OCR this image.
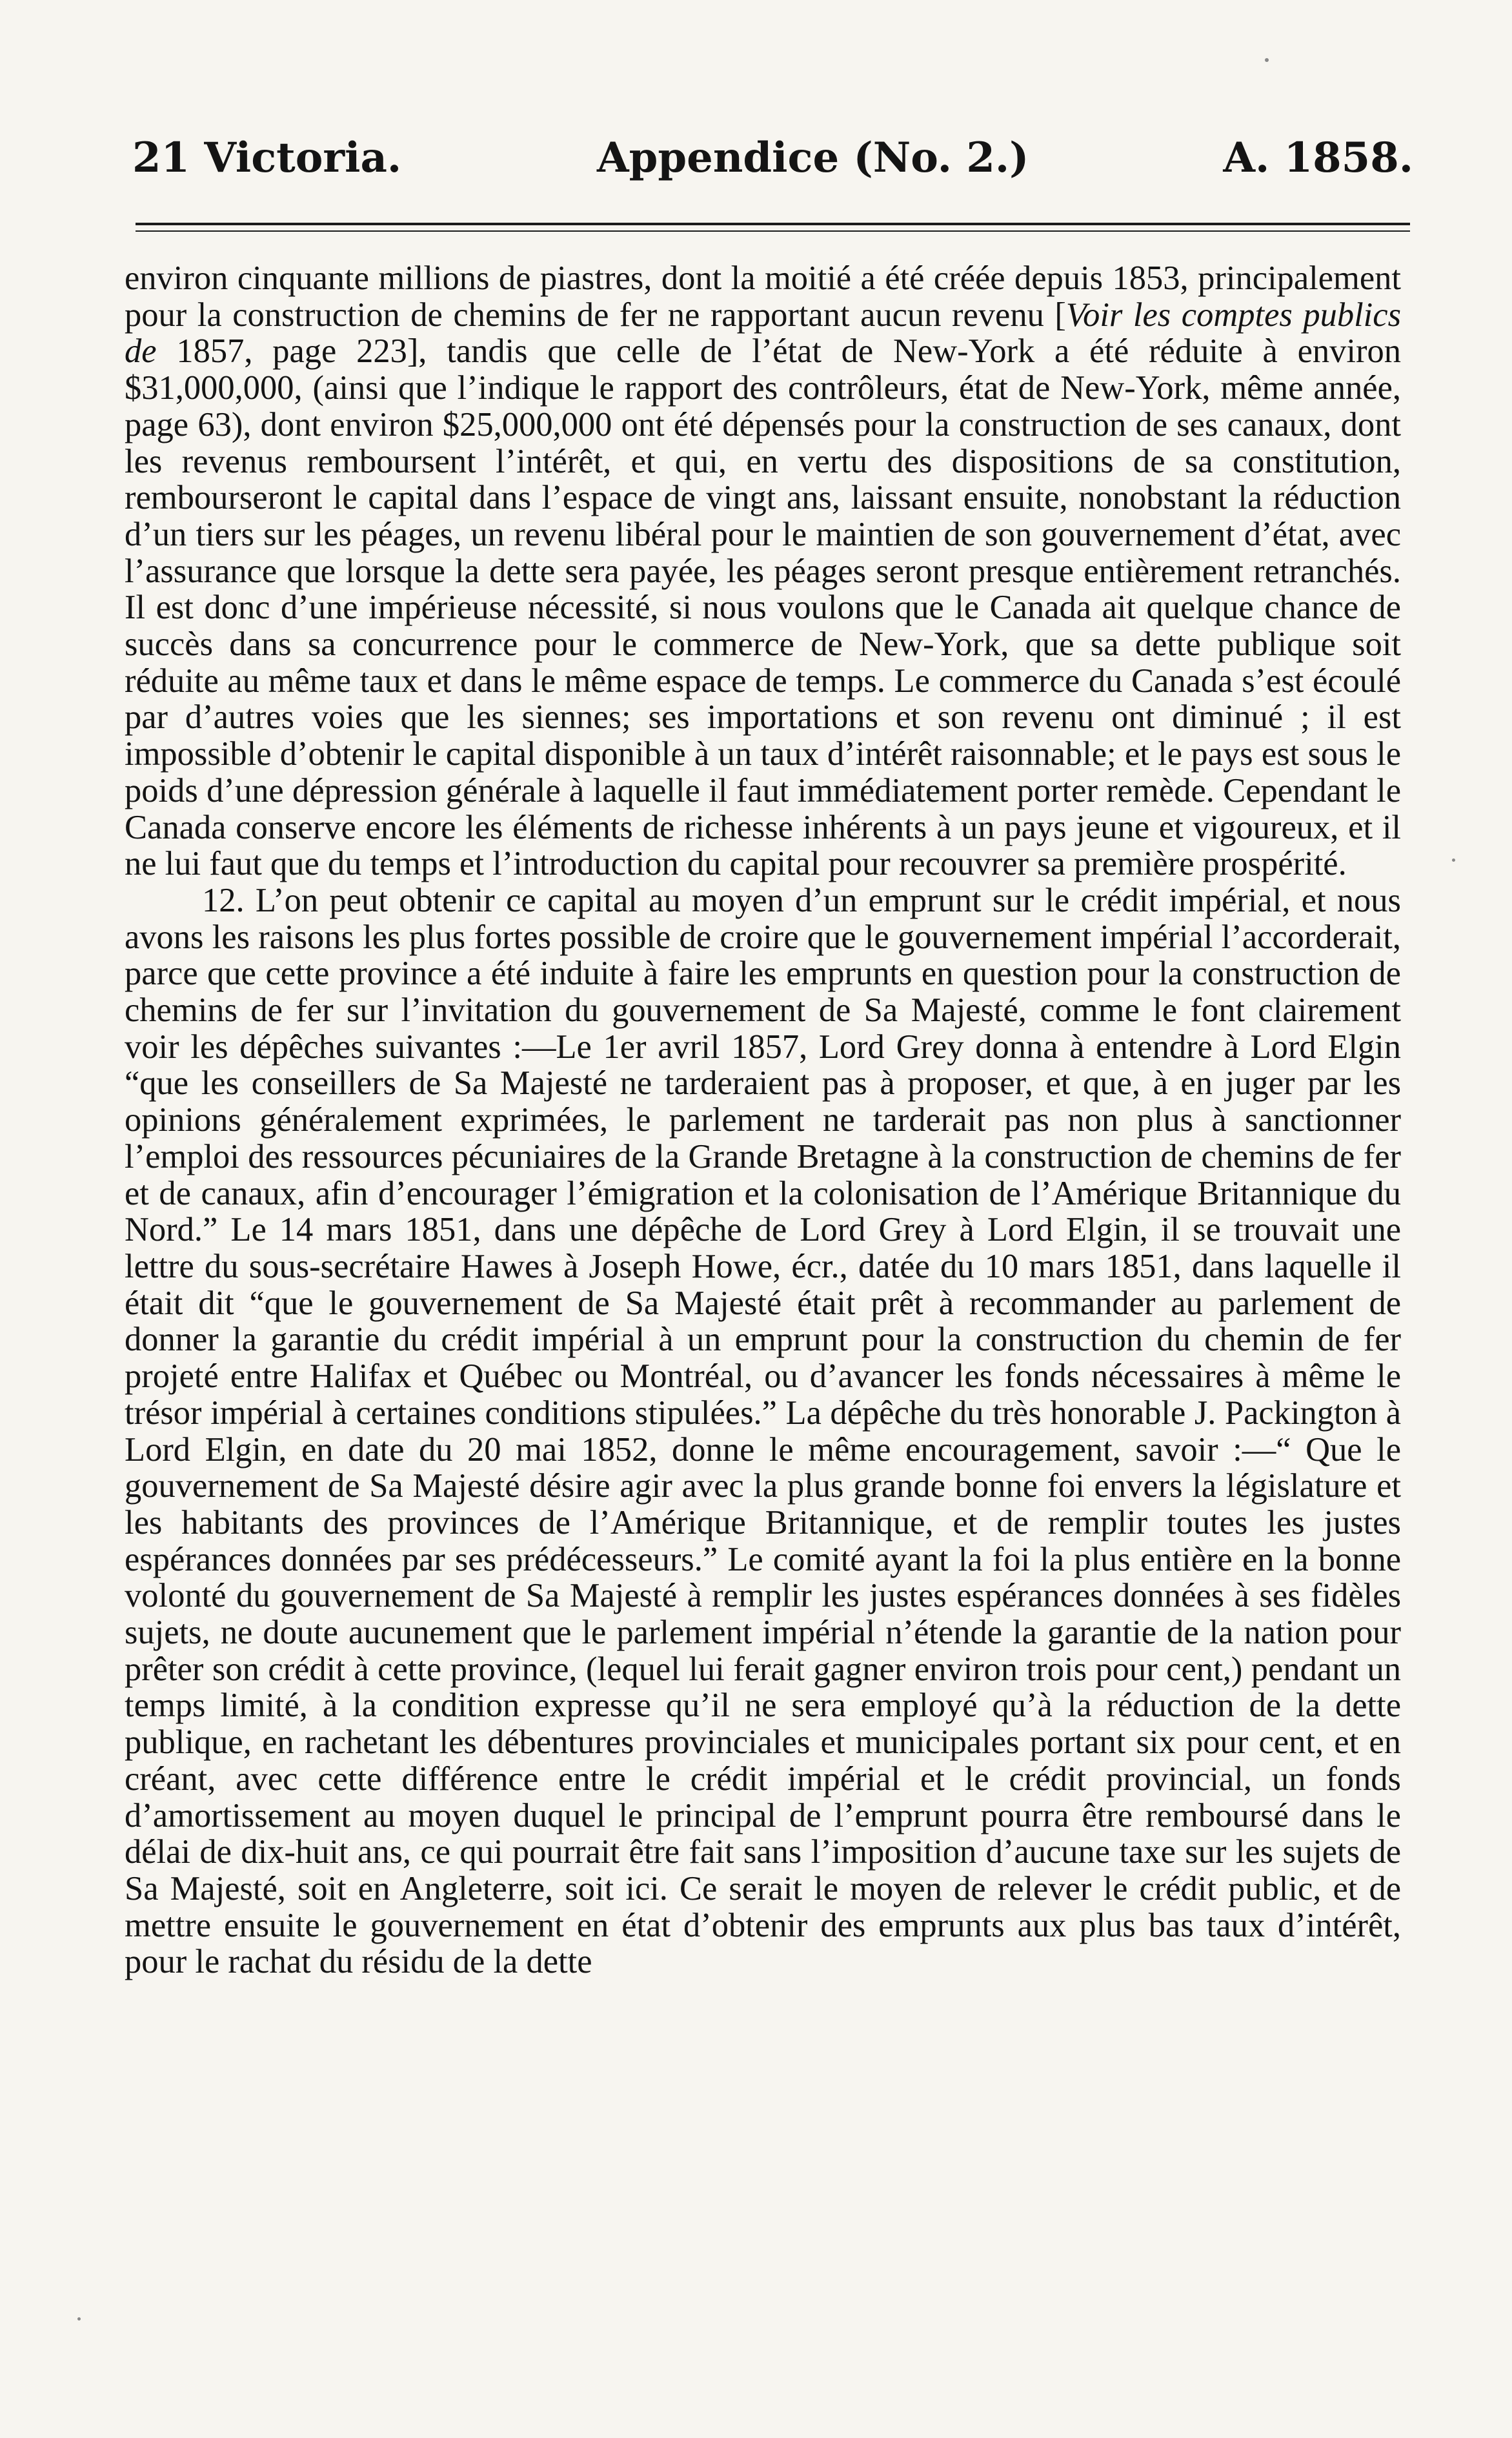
21 Victoria.	Appendice (No. 2.)	A. 1858.

environ cinquante millions de piastres, dont la moitié a été créée depuis 1853, principalement pour la construction de chemins de fer ne rapportant aucun revenu [Voir les comptes publics de 1857, page 223], tandis que celle de l’état de New-York a été réduite à environ $31,000,000, (ainsi que l’indique le rapport des contrôleurs, état de New-York, même année, page 63), dont environ $25,000,000 ont été dépensés pour la construction de ses canaux, dont les revenus remboursent l’intérêt, et qui, en vertu des dispositions de sa constitution, rembourseront le capital dans l’espace de vingt ans, laissant ensuite, nonobstant la réduction d’un tiers sur les péages, un revenu libéral pour le maintien de son gouvernement d’état, avec l’assurance que lorsque la dette sera payée, les péages seront presque entièrement retranchés. Il est donc d’une impérieuse nécessité, si nous voulons que le Canada ait quelque chance de succès dans sa concurrence pour le commerce de New-York, que sa dette publique soit réduite au même taux et dans le même espace de temps. Le commerce du Canada s’est écoulé par d’autres voies que les siennes; ses importations et son revenu ont diminué ; il est impossible d’obtenir le capital disponible à un taux d’intérêt raisonnable; et le pays est sous le poids d’une dépression générale à laquelle il faut immédiatement porter remède. Cependant le Canada conserve encore les éléments de richesse inhérents à un pays jeune et vigoureux, et il ne lui faut que du temps et l’introduction du capital pour recouvrer sa première prospérité.

12. L’on peut obtenir ce capital au moyen d’un emprunt sur le crédit impérial, et nous avons les raisons les plus fortes possible de croire que le gouvernement impérial l’accorderait, parce que cette province a été induite à faire les emprunts en question pour la construction de chemins de fer sur l’invitation du gouvernement de Sa Majesté, comme le font clairement voir les dépêches suivantes :—Le 1er avril 1857, Lord Grey donna à entendre à Lord Elgin “que les conseillers de Sa Majesté ne tarderaient pas à proposer, et que, à en juger par les opinions généralement exprimées, le parlement ne tarderait pas non plus à sanctionner l’emploi des ressources pécuniaires de la Grande Bretagne à la construction de chemins de fer et de canaux, afin d’encourager l’émigration et la colonisation de l’Amérique Britannique du Nord.” Le 14 mars 1851, dans une dépêche de Lord Grey à Lord Elgin, il se trouvait une lettre du sous-secrétaire Hawes à Joseph Howe, écr., datée du 10 mars 1851, dans laquelle il était dit “que le gouvernement de Sa Majesté était prêt à recommander au parlement de donner la garantie du crédit impérial à un emprunt pour la construction du chemin de fer projeté entre Halifax et Québec ou Montréal, ou d’avancer les fonds nécessaires à même le trésor impérial à certaines conditions stipulées.” La dépêche du très honorable J. Packington à Lord Elgin, en date du 20 mai 1852, donne le même encouragement, savoir :—“ Que le gouvernement de Sa Majesté désire agir avec la plus grande bonne foi envers la législature et les habitants des provinces de l’Amérique Britannique, et de remplir toutes les justes espérances données par ses prédécesseurs.” Le comité ayant la foi la plus entière en la bonne volonté du gouvernement de Sa Majesté à remplir les justes espérances données à ses fidèles sujets, ne doute aucunement que le parlement impérial n’étende la garantie de la nation pour prêter son crédit à cette province, (lequel lui ferait gagner environ trois pour cent,) pendant un temps limité, à la condition expresse qu’il ne sera employé qu’à la réduction de la dette publique, en rachetant les débentures provinciales et municipales portant six pour cent, et en créant, avec cette différence entre le crédit impérial et le crédit provincial, un fonds d’amortissement au moyen duquel le principal de l’emprunt pourra être remboursé dans le délai de dix-huit ans, ce qui pourrait être fait sans l’imposition d’aucune taxe sur les sujets de Sa Majesté, soit en Angleterre, soit ici. Ce serait le moyen de relever le crédit public, et de mettre ensuite le gouvernement en état d’obtenir des emprunts aux plus bas taux d’intérêt, pour le rachat du résidu de la dette
